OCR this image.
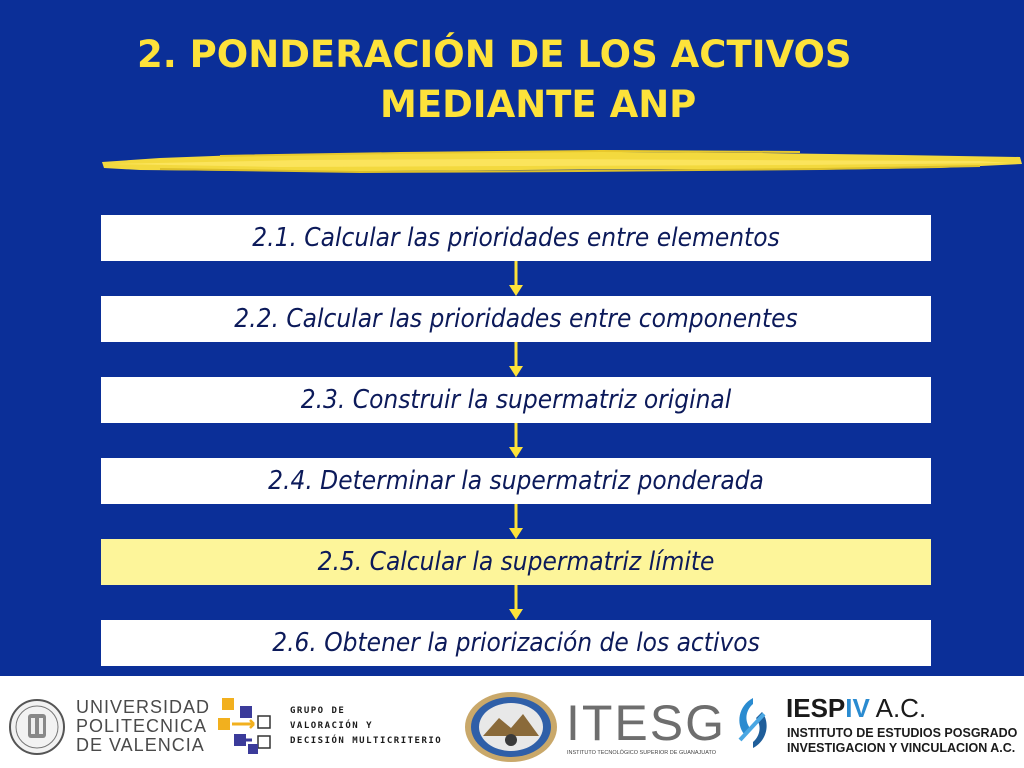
2. PONDERACIÓN DE LOS ACTIVOS
MEDIANTE ANP
2.1. Calcular las prioridades entre elementos
2.2. Calcular las prioridades entre componentes
2.3. Construir la supermatriz original
2.4. Determinar la supermatriz ponderada
2.5. Calcular la supermatriz límite
2.6. Obtener la priorización de los activos
UNIVERSIDAD
POLITECNICA
DE VALENCIA
GRUPO DE
VALORACIÓN Y
DECISIÓN MULTICRITERIO ITESG
INSTITUTO TECNOLÓGICO SUPERIOR DE GUANAJUATO
IESPIV A.C.
INSTITUTO DE ESTUDIOS POSGRADO
INVESTIGACION Y VINCULACION A.C.
